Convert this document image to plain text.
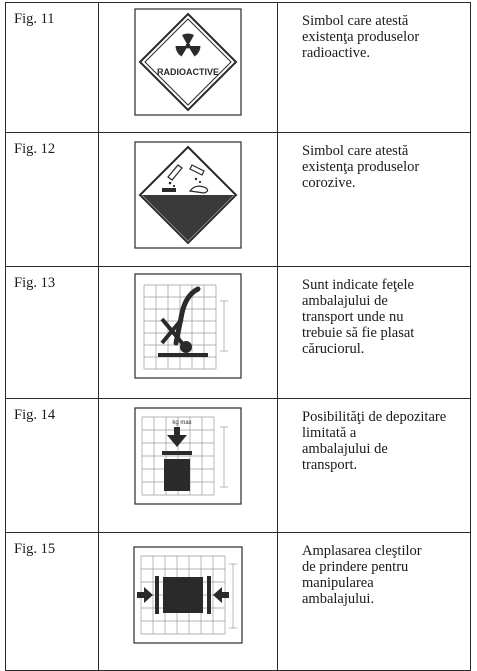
Fig. 11	RADIOACTIVE	Simbol care atestă
existenţa produselor
radioactive.

Fig. 12		Simbol care atestă
existenţa produselor
corozive.

Fig. 13		Sunt indicate feţele
ambalajului de
transport unde nu
trebuie să fie plasat
căruciorul.

Fig. 14	kg max	Posibilităţi de depozitare
limitată a
ambalajului de
transport.

Fig. 15		Amplasarea cleştilor
de prindere pentru
manipularea
ambalajului.
